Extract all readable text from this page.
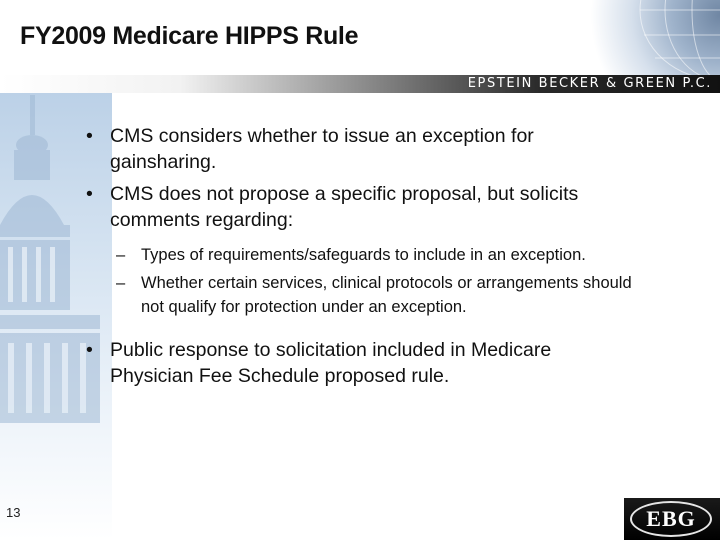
FY2009 Medicare HIPPS Rule
EPSTEIN BECKER & GREEN P.C.
• CMS considers whether to issue an exception for gainsharing.
• CMS does not propose a specific proposal, but solicits comments regarding:
– Types of requirements/safeguards to include in an exception.
– Whether certain services, clinical protocols or arrangements should not qualify for protection under an exception.
• Public response to solicitation included in Medicare Physician Fee Schedule proposed rule.
13	EBG
